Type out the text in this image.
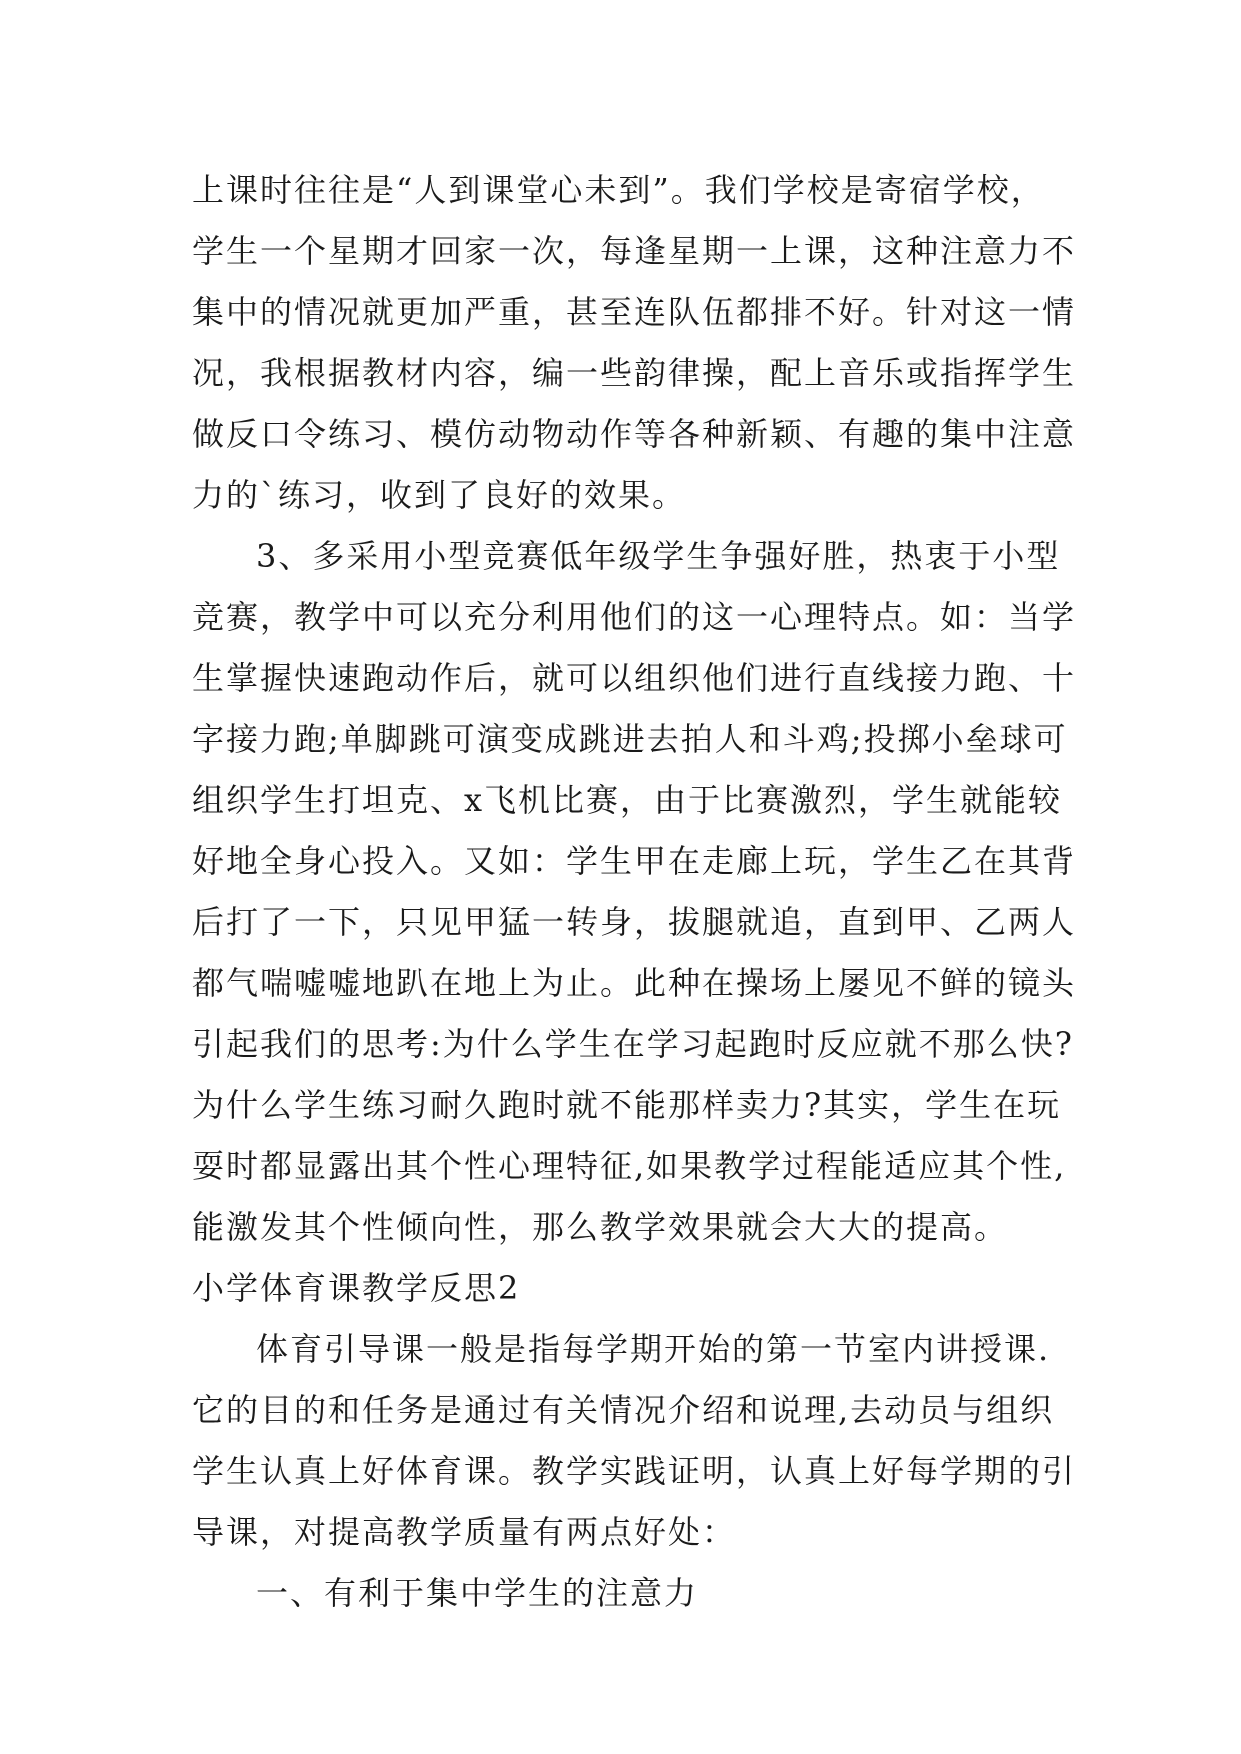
上课时往往是“人到课堂心未到”。我们学校是寄宿学校，
学生一个星期才回家一次，每逢星期一上课，这种注意力不
集中的情况就更加严重，甚至连队伍都排不好。针对这一情
况，我根据教材内容，编一些韵律操，配上音乐或指挥学生
做反口令练习、模仿动物动作等各种新颖、有趣的集中注意
力的`练习，收到了良好的效果。
3、多采用小型竞赛低年级学生争强好胜，热衷于小型
竞赛，教学中可以充分利用他们的这一心理特点。如：当学
生掌握快速跑动作后，就可以组织他们进行直线接力跑、十
字接力跑;单脚跳可演变成跳进去拍人和斗鸡;投掷小垒球可
组织学生打坦克、x飞机比赛，由于比赛激烈，学生就能较
好地全身心投入。又如：学生甲在走廊上玩，学生乙在其背
后打了一下，只见甲猛一转身，拔腿就追，直到甲、乙两人
都气喘嘘嘘地趴在地上为止。此种在操场上屡见不鲜的镜头
引起我们的思考:为什么学生在学习起跑时反应就不那么快?
为什么学生练习耐久跑时就不能那样卖力?其实，学生在玩
耍时都显露出其个性心理特征,如果教学过程能适应其个性,
能激发其个性倾向性，那么教学效果就会大大的提高。
小学体育课教学反思2
体育引导课一般是指每学期开始的第一节室内讲授课.
它的目的和任务是通过有关情况介绍和说理,去动员与组织
学生认真上好体育课。教学实践证明，认真上好每学期的引
导课，对提高教学质量有两点好处：
一、有利于集中学生的注意力
